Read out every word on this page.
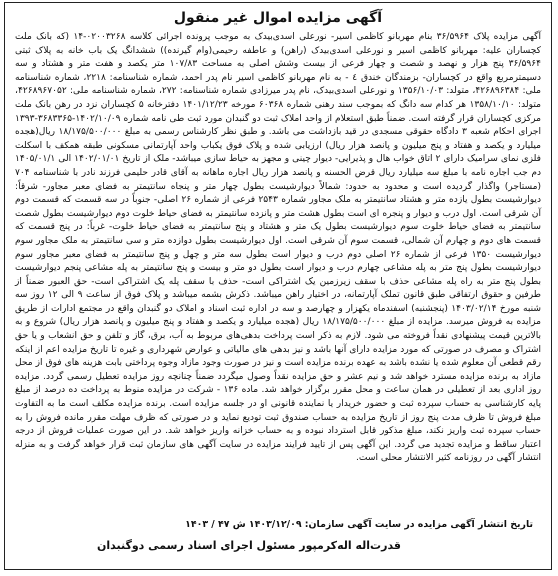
آگهی مزایده اموال غیر منقول

آگهی مزایده پلاک ۳۶/۵۹۶۴ بنام مهربانو کاظمی اسیر- نورعلی اسدی‌بیدک به موجب پرونده اجرائی کلاسه ۰۲۰۰۳۲۶۸-۱۴ (که بانک ملت کچساران علیه: مهربانو کاظمی اسیر و نورعلی اسدی‌بیدک (راهن) و عاطفه رحیمی(وام گیرنده)) ششدانگ یک باب خانه به پلاک ثبتی ۳۶/۵۹۶۴ پنج هزار و نهصد و شصت و چهار فرعی از بیست وشش اصلی به مساحت ۱۰۷/۸۳ متر یکصد و هفت متر و هشتاد و سه دسیمترمربع واقع در کچساران- بزمندگان خندق ٤ - به نام مهربانو کاظمی اسیر نام پدر احمد، شماره شناسنامه: ۲۲۱۸، شماره شناسنامه ملی: ۴۲۶۸۹۶۳۸۴، متولد: ۱۳۵۶/۱۰/۰۳ و نورعلی اسدی‌بیدک، نام پدر میرزادی شماره شناسنامه: ۲۷۲، شماره شناسنامه ملی: ۴۲۶۸۹۶۷۰۵۲، متولد: ۱۳۵۸/۱۰/۱۰ هر کدام سه دانگ که بموجب سند رهنی شماره ۶۰۳۶۸ مورخه ۱۴۰۱/۱۲/۲۳ دفترخانه ۵ کچساران نزد در رهن بانک ملت مرکزی کچساران قرار گرفته است. ضمناً طبق استعلام از واحد املاک ثبت دو گنبدان مورد ثبت طی نامه شماره ۱۴۰۲/۱۰/۰۹-۳۶۸۳۳۶۵-۱۳۹۳ اجرای احکام شعبه ۳ دادگاه حقوقی مسجدی در قید بازداشت می باشد. و طبق نظر کارشناس رسمی به مبلغ ۱۸/۱۷۵/۵۰۰/۰۰۰ ریال(هجده میلیارد و یکصد و هفتاد و پنج میلیون و پانصد هزار ریال) ارزیابی شده و پلاک فوق یکباب واحد آپارتمانی مسکونی طبقه همکف با اسکلت فلزی نمای سرامیک دارای ۲ اتاق خواب هال و پذیرایی- دیوار چینی و مجهز به حیاط سازی میباشد- ملک از تاریخ ۱۴۰۲/۰۱/۰۱ الی ۱۴۰۵/۰۱/۱ دم جب اجاره نامه با مبلغ سه میلیارد ریال قرض الحسنه و پانصد هزار ریال اجاره ماهانه به آقای قادر حلیمی فرزند نادر با شناسنامه ۷۰۴ (مستاجر) واگذار گردیده است و محدود به حدود: شمالاً دیوارشیست بطول چهار متر و پنجاه سانتیمتر به فضای معبر مجاور- شرقاً: دیوارشیست بطول یازده متر و هشتاد سانتیمتر به ملک مجاور شماره ۲۵۴۳ فرعی از شماره ۲۶ اصلی- جنوباً در سه قسمت که قسمت دوم آن شرقی است. اول درب و دیوار و پنجره ای است بطول هشت متر و پانزده سانتیمتر به فضای حیاط خلوت دوم دیوارشیست بطول شصت سانتیمتر به فضای حیاط خلوت سوم دیوارشیست بطول یک متر و هشتاد و پنج سانتیمتر به فضای حیاط خلوت- غرباً: در پنج قسمت که قسمت های دوم و چهارم آن شمالی، قسمت سوم آن شرقی است. اول دیوارشیست بطول دوازده متر و سی سانتیمتر به ملک مجاور سوم دیوارشیست ۱۳۵۰ فرعی از شماره ۲۶ اصلی دوم درب و دیوار است بطول سه متر و چهل و پنج سانتیمتر به فضای معبر مجاور سوم دیوارشیست بطول پنج متر به پله مشاعی چهارم درب و دیوار است بطول دو متر و بیست و پنج سانتیمتر به پله مشاعی پنجم دیوارشیست بطول پنج متر به راه پله مشاعی حذف با سقف زیرزمین یک اشتراکی است- حذف با سقف پله یک اشتراکی است- حق العبور ضمناً از طرفین و حقوق ارتفاقی طبق قانون تملک آپارتمانه، در اختیار راهن میباشد. ذکرش بشمه میباشد و پلاک فوق از ساعت ۹ الی ۱۲ روز سه شنبه مورخ ۱۴۰۳/۰۲/۱۴ (پنجشنبه) اسفندماه یکهزار و چهارصد و سه در اداره ثبت اسناد و املاک دو گنبدان واقع در مجتمع ادارات از طریق مزایده به فروش میرسد. مزایده از مبلغ ۱۸/۱۷۵/۵۰۰/۰۰۰ ریال (هجده میلیارد و یکصد و هفتاد و پنج میلیون و پانصد هزار ریال) شروع و به بالاترین قیمت پیشنهادی نقداً فروخته می شود. لازم به ذکر است پرداخت بدهی‌های مربوط به آب، برق، گاز و تلفن و حق انشعاب و یا حق اشتراک و مصرف در صورتی که مورد مزایده دارای آنها باشد و نیز بدهی های مالیاتی و عوارض شهرداری و غیره تا تاریخ مزایده اعم از اینکه رقم قطعی آن معلوم شده یا نشده باشد به عهده برنده مزایده است و نیز در صورت وجود مازاد وجوه پرداختی بابت هزینه های فوق از محل مازاد به برنده مزایده مسترد خواهد شد و نیم عشر و حق مزایده نقداً وصول میگردد ضمناً چنانچه روز مزایده تعطیل رسمی گردد. مزایده روز اداری بعد از تعطیلی در همان ساعت و محل مقرر برگزار خواهد شد. ماده ۱۳۶ - شرکت در مزایده منوط به پرداخت ده درصد از مبلغ پایه کارشناسی به حساب سپرده ثبت و حضور خریدار یا نماینده قانونی او در جلسه مزایده است. برنده مزایده مکلف است ما به التفاوت مبلغ فروش تا ظرف مدت پنج روز از تاریخ مزایده به حساب صندوق ثبت تودیع نماید و در صورتی که ظرف مهلت مقرر مانده فروش را به حساب سپرده ثبت واریز نکند، مبلغ مذکور قابل استرداد نبوده و به حساب خزانه واریز خواهد شد. در این صورت عملیات فروش از درجه اعتبار ساقط و مزایده تجدید می گردد. این آگهی پس از تایید فرایند مزایده در سایت آگهی های سازمان ثبت قرار خواهد گرفت و به منزله انتشار آگهی در روزنامه کثیر الانتشار محلی است.

تاریخ انتشار آگهی مزایده در سایت آگهی سازمان: ۱۴۰۳/۱۲/۰۹ ش ۴۷ / ۱۴۰۳
قدرت‌اله اله‌کرمپور مسئول اجرای اسناد رسمی دوگنبدان
